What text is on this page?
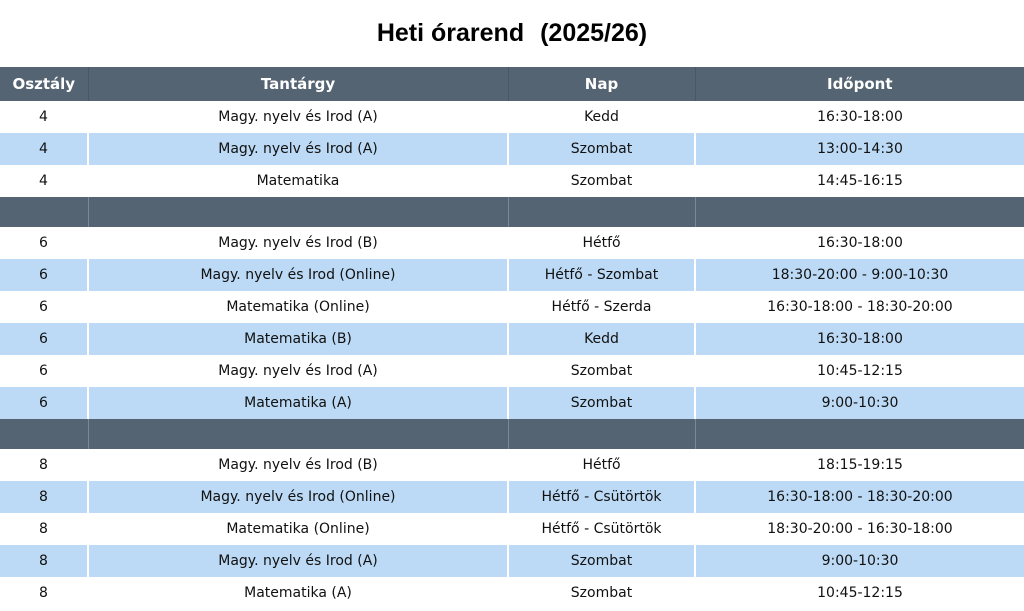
Heti órarend (2025/26)
Osztály	Tantárgy	Nap	Időpont
4	Magy. nyelv és Irod (A)	Kedd	16:30-18:00
4	Magy. nyelv és Irod (A)	Szombat	13:00-14:30
4	Matematika	Szombat	14:45-16:15

6	Magy. nyelv és Irod (B)	Hétfő	16:30-18:00
6	Magy. nyelv és Irod (Online)	Hétfő - Szombat	18:30-20:00 - 9:00-10:30
6	Matematika (Online)	Hétfő - Szerda	16:30-18:00 - 18:30-20:00
6	Matematika (B)	Kedd	16:30-18:00
6	Magy. nyelv és Irod (A)	Szombat	10:45-12:15
6	Matematika (A)	Szombat	9:00-10:30

8	Magy. nyelv és Irod (B)	Hétfő	18:15-19:15
8	Magy. nyelv és Irod (Online)	Hétfő - Csütörtök	16:30-18:00 - 18:30-20:00
8	Matematika (Online)	Hétfő - Csütörtök	18:30-20:00 - 16:30-18:00
8	Magy. nyelv és Irod (A)	Szombat	9:00-10:30
8	Matematika (A)	Szombat	10:45-12:15
